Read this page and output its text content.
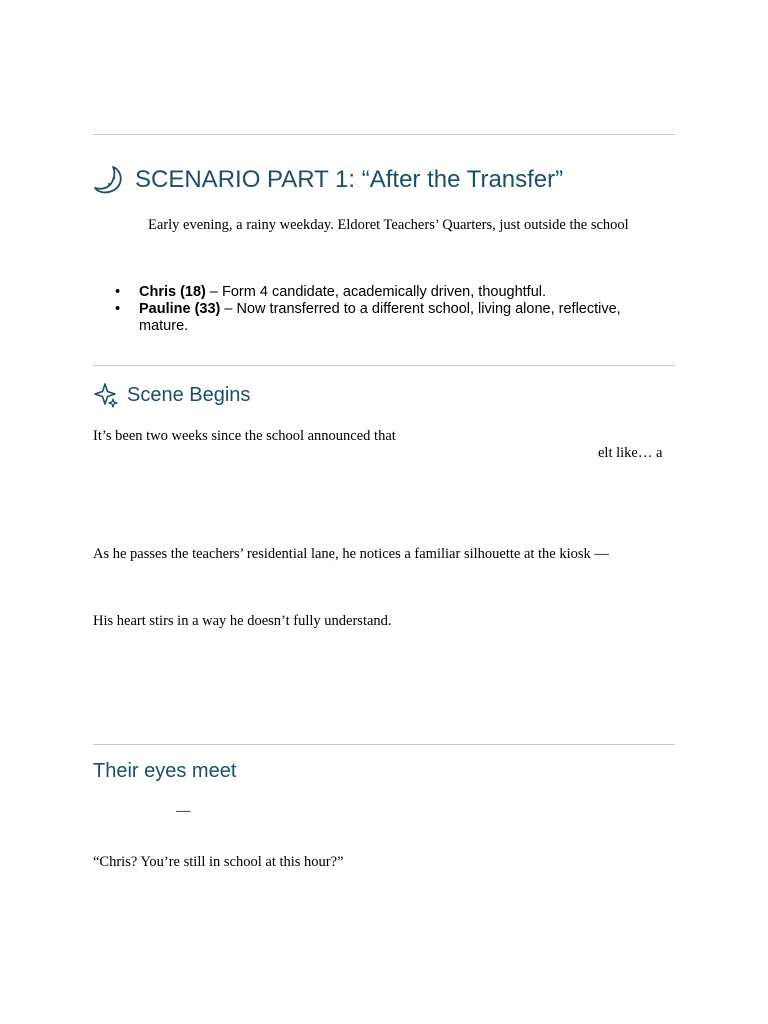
SCENARIO PART 1: “After the Transfer”
Early evening, a rainy weekday. Eldoret Teachers’ Quarters, just outside the school
• Chris (18) – Form 4 candidate, academically driven, thoughtful.
• Pauline (33) – Now transferred to a different school, living alone, reflective, mature.
Scene Begins
It’s been two weeks since the school announced that
elt like… a
As he passes the teachers’ residential lane, he notices a familiar silhouette at the kiosk —
His heart stirs in a way he doesn’t fully understand.
Their eyes meet
—
“Chris? You’re still in school at this hour?”
